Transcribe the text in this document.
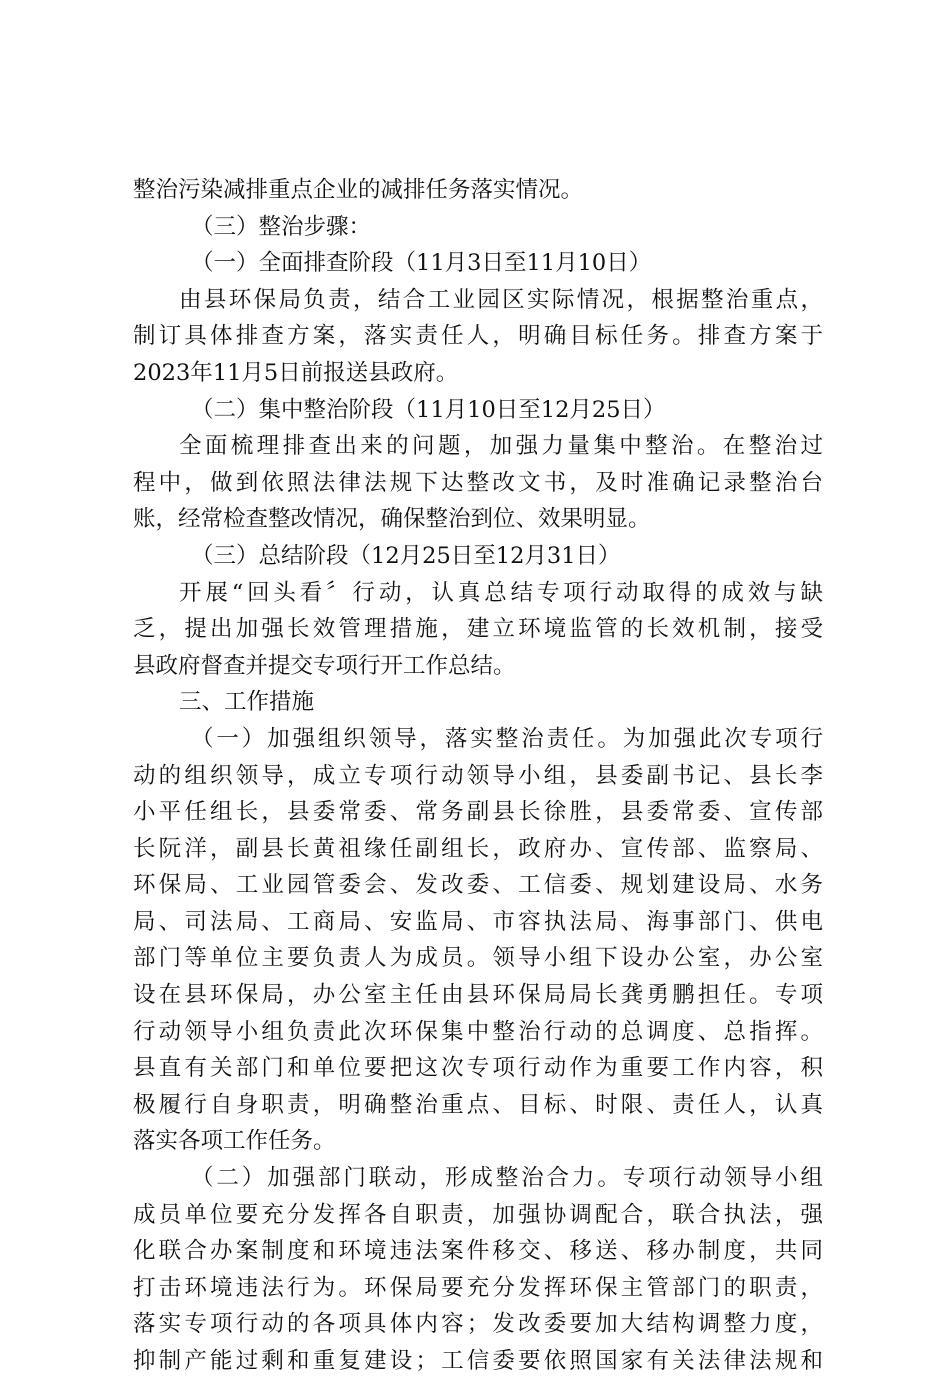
整治污染减排重点企业的减排任务落实情况。
（三）整治步骤：
（一）全面排查阶段（11月3日至11月10日）
由县环保局负责，结合工业园区实际情况，根据整治重点，
制订具体排查方案，落实责任人，明确目标任务。排查方案于
2023年11月5日前报送县政府。
（二）集中整治阶段（11月10日至12月25日）
全面梳理排查出来的问题，加强力量集中整治。在整治过
程中，做到依照法律法规下达整改文书，及时准确记录整治台
账，经常检查整改情况，确保整治到位、效果明显。
（三）总结阶段（12月25日至12月31日）
开展“回头看〞行动，认真总结专项行动取得的成效与缺
乏，提出加强长效管理措施，建立环境监管的长效机制，接受
县政府督查并提交专项行开工作总结。
三、工作措施
（一）加强组织领导，落实整治责任。为加强此次专项行
动的组织领导，成立专项行动领导小组，县委副书记、县长李
小平任组长，县委常委、常务副县长徐胜，县委常委、宣传部
长阮洋，副县长黄祖缘任副组长，政府办、宣传部、监察局、
环保局、工业园管委会、发改委、工信委、规划建设局、水务
局、司法局、工商局、安监局、市容执法局、海事部门、供电
部门等单位主要负责人为成员。领导小组下设办公室，办公室
设在县环保局，办公室主任由县环保局局长龚勇鹏担任。专项
行动领导小组负责此次环保集中整治行动的总调度、总指挥。
县直有关部门和单位要把这次专项行动作为重要工作内容，积
极履行自身职责，明确整治重点、目标、时限、责任人，认真
落实各项工作任务。
（二）加强部门联动，形成整治合力。专项行动领导小组
成员单位要充分发挥各自职责，加强协调配合，联合执法，强
化联合办案制度和环境违法案件移交、移送、移办制度，共同
打击环境违法行为。环保局要充分发挥环保主管部门的职责，
落实专项行动的各项具体内容；发改委要加大结构调整力度，
抑制产能过剩和重复建设；工信委要依照国家有关法律法规和
